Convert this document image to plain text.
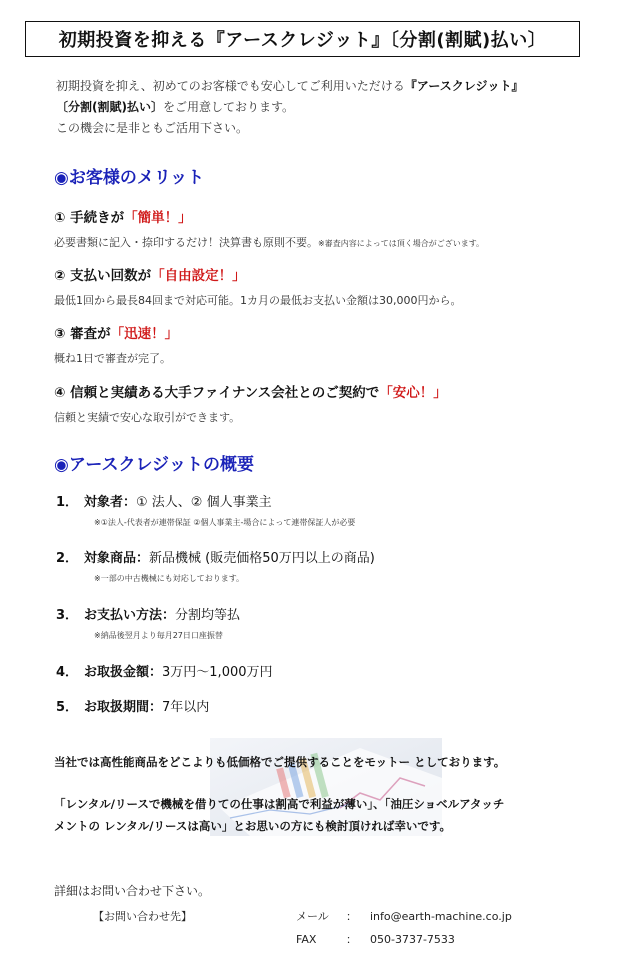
初期投資を抑える『アースクレジット』〔分割(割賦)払い〕
初期投資を抑え、初めてのお客様でも安心してご利用いただける『アースクレジット』
〔分割(割賦)払い〕をご用意しております。
この機会に是非ともご活用下さい。
◉お客様のメリット
① 手続きが「簡単！」
必要書類に記入・捺印するだけ！決算書も原則不要。※審査内容によっては頂く場合がございます。
② 支払い回数が「自由設定！」
最低1回から最長84回まで対応可能。1カ月の最低お支払い金額は30,000円から。
③ 審査が「迅速！」
概ね1日で審査が完了。
④ 信頼と実績ある大手ファイナンス会社とのご契約で「安心！」
信頼と実績で安心な取引ができます。
◉アースクレジットの概要
1． 対象者：① 法人、② 個人事業主
※①法人-代表者が連帯保証 ②個人事業主-場合によって連帯保証人が必要
2． 対象商品：新品機械 (販売価格50万円以上の商品)
※一部の中古機械にも対応しております。
3． お支払い方法：分割均等払
※納品後翌月より毎月27日口座振替
4． お取扱金額：3万円～1,000万円
5． お取扱期間：7年以内

当社では高性能商品をどこよりも低価格でご提供することをモットー としております。

「レンタル/リースで機械を借りての仕事は割高で利益が薄い」、「油圧ショベルアタッチ

メントの レンタル/リースは高い」とお思いの方にも検討頂ければ幸いです。

詳細はお問い合わせ下さい。
【お問い合わせ先】	メール ： info@earth-machine.co.jp
FAX	： 050-3737-7533
